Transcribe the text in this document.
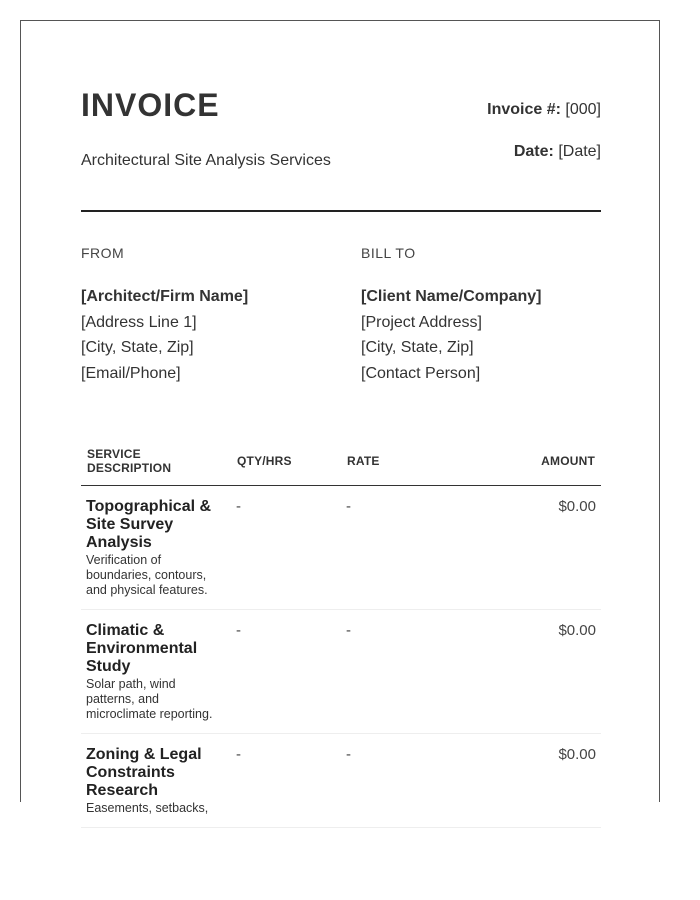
INVOICE
Architectural Site Analysis Services
Invoice #: [000]
Date: [Date]
FROM
[Architect/Firm Name]
[Address Line 1]
[City, State, Zip]
[Email/Phone]
BILL TO
[Client Name/Company]
[Project Address]
[City, State, Zip]
[Contact Person]
SERVICE DESCRIPTION	QTY/HRS	RATE	AMOUNT

Topographical & Site Survey Analysis
Verification of boundaries, contours, and physical features.	-	-	$0.00

Climatic & Environmental Study
Solar path, wind patterns, and microclimate reporting.	-	-	$0.00

Zoning & Legal Constraints Research
Easements, setbacks,	-	-	$0.00
